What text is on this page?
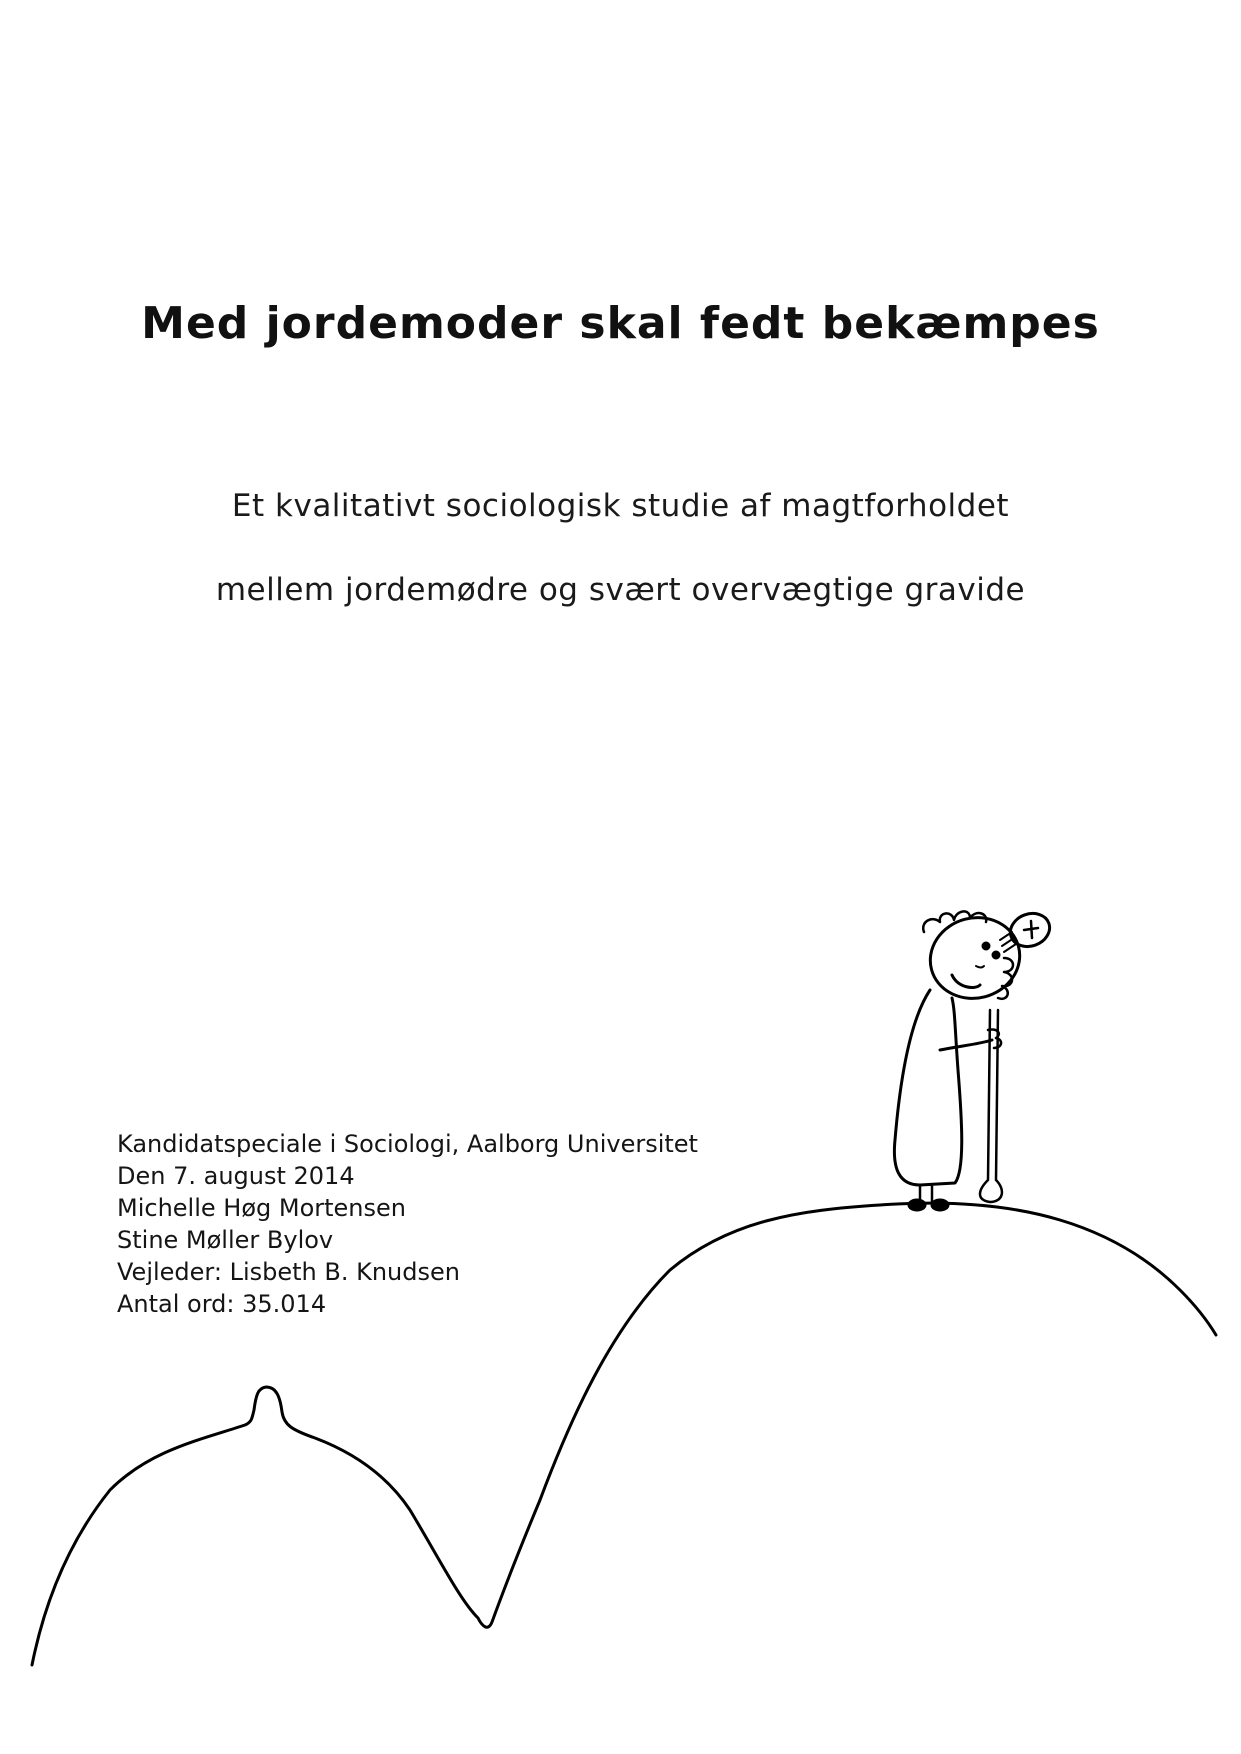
Med jordemoder skal fedt bekæmpes
Et kvalitativt sociologisk studie af magtforholdet
mellem jordemødre og svært overvægtige gravide
Kandidatspeciale i Sociologi, Aalborg Universitet
Den 7. august 2014
Michelle Høg Mortensen
Stine Møller Bylov
Vejleder: Lisbeth B. Knudsen
Antal ord: 35.014
